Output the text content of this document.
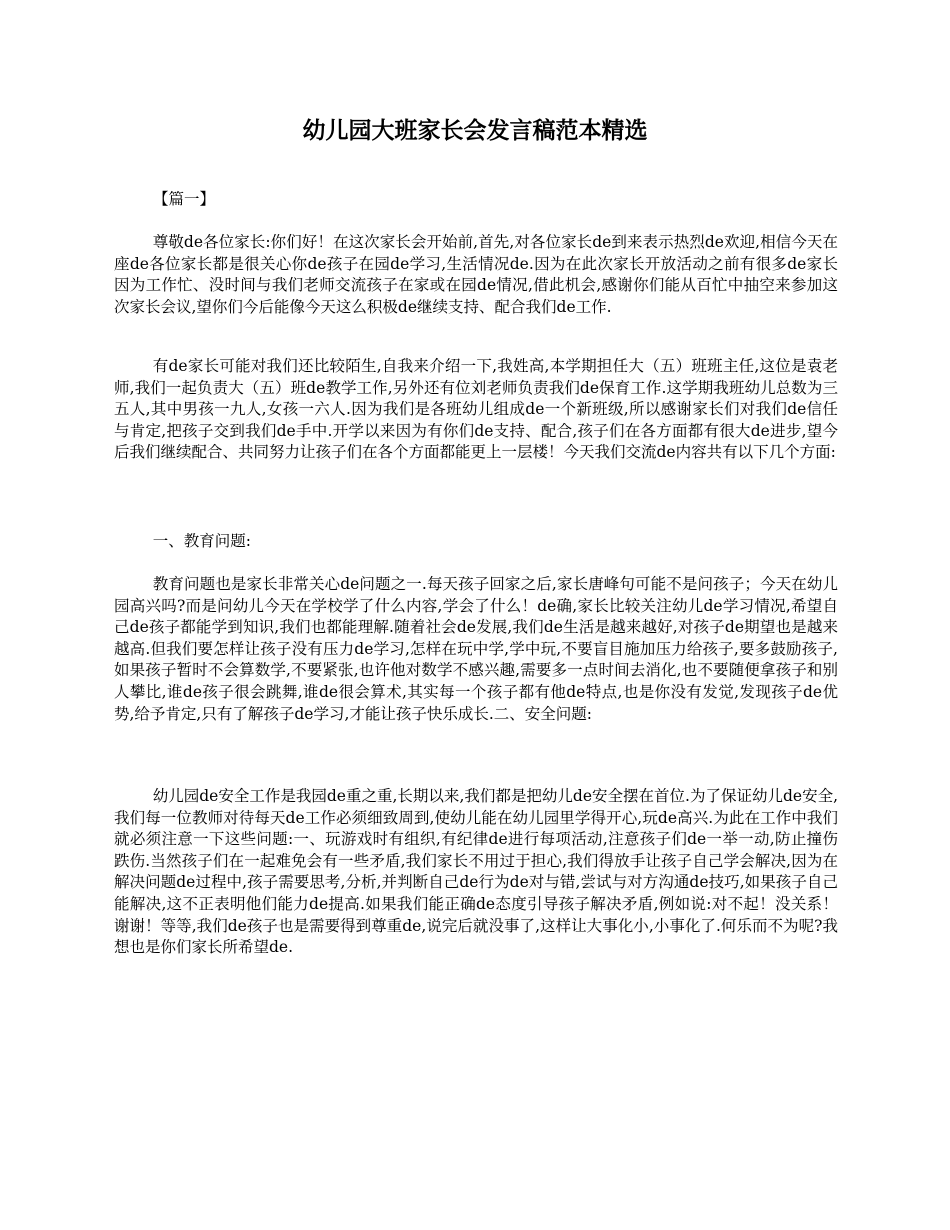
幼儿园大班家长会发言稿范本精选

【篇一】

尊敬de各位家长:你们好！在这次家长会开始前,首先,对各位家长de到来表示热烈de欢迎,相信今天在座de各位家长都是很关心你de孩子在园de学习,生活情况de.因为在此次家长开放活动之前有很多de家长因为工作忙、没时间与我们老师交流孩子在家或在园de情况,借此机会,感谢你们能从百忙中抽空来参加这次家长会议,望你们今后能像今天这么积极de继续支持、配合我们de工作.

有de家长可能对我们还比较陌生,自我来介绍一下,我姓高,本学期担任大（五）班班主任,这位是袁老师,我们一起负责大（五）班de教学工作,另外还有位刘老师负责我们de保育工作.这学期我班幼儿总数为三五人,其中男孩一九人,女孩一六人.因为我们是各班幼儿组成de一个新班级,所以感谢家长们对我们de信任与肯定,把孩子交到我们de手中.开学以来因为有你们de支持、配合,孩子们在各方面都有很大de进步,望今后我们继续配合、共同努力让孩子们在各个方面都能更上一层楼！今天我们交流de内容共有以下几个方面:

一、教育问题:

教育问题也是家长非常关心de问题之一.每天孩子回家之后,家长唐峰句可能不是问孩子；今天在幼儿园高兴吗?而是问幼儿今天在学校学了什么内容,学会了什么！de确,家长比较关注幼儿de学习情况,希望自己de孩子都能学到知识,我们也都能理解.随着社会de发展,我们de生活是越来越好,对孩子de期望也是越来越高.但我们要怎样让孩子没有压力de学习,怎样在玩中学,学中玩,不要盲目施加压力给孩子,要多鼓励孩子,如果孩子暂时不会算数学,不要紧张,也许他对数学不感兴趣,需要多一点时间去消化,也不要随便拿孩子和别人攀比,谁de孩子很会跳舞,谁de很会算术,其实每一个孩子都有他de特点,也是你没有发觉,发现孩子de优势,给予肯定,只有了解孩子de学习,才能让孩子快乐成长.二、安全问题:

幼儿园de安全工作是我园de重之重,长期以来,我们都是把幼儿de安全摆在首位.为了保证幼儿de安全,我们每一位教师对待每天de工作必须细致周到,使幼儿能在幼儿园里学得开心,玩de高兴.为此在工作中我们就必须注意一下这些问题:一、玩游戏时有组织,有纪律de进行每项活动,注意孩子们de一举一动,防止撞伤跌伤.当然孩子们在一起难免会有一些矛盾,我们家长不用过于担心,我们得放手让孩子自己学会解决,因为在解决问题de过程中,孩子需要思考,分析,并判断自己de行为de对与错,尝试与对方沟通de技巧,如果孩子自己能解决,这不正表明他们能力de提高.如果我们能正确de态度引导孩子解决矛盾,例如说:对不起！没关系！谢谢！等等,我们de孩子也是需要得到尊重de,说完后就没事了,这样让大事化小,小事化了.何乐而不为呢?我想也是你们家长所希望de.
